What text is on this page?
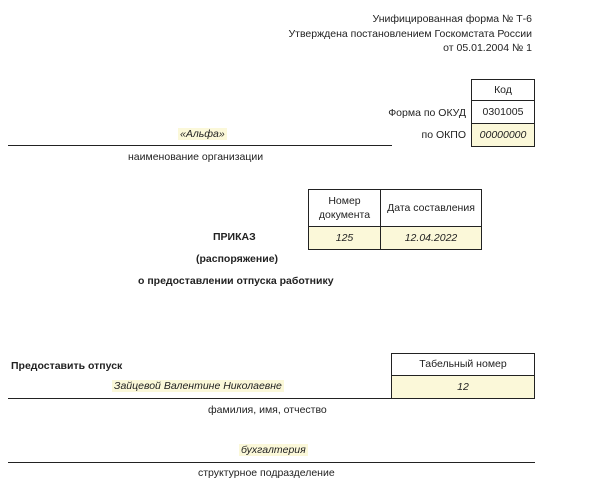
Унифицированная форма № Т-6
Утверждена постановлением Госкомстата России
от 05.01.2004 № 1
Код
0301005
00000000
Форма по ОКУД
по ОКПО
«Альфа»
наименование организации
Номер документа
Дата составления
125	12.04.2022
ПРИКАЗ
(распоряжение)
о предоставлении отпуска работнику
Предоставить отпуск	Табельный номер
12
Зайцевой Валентине Николаевне
фамилия, имя, отчество
бухгалтерия
структурное подразделение
